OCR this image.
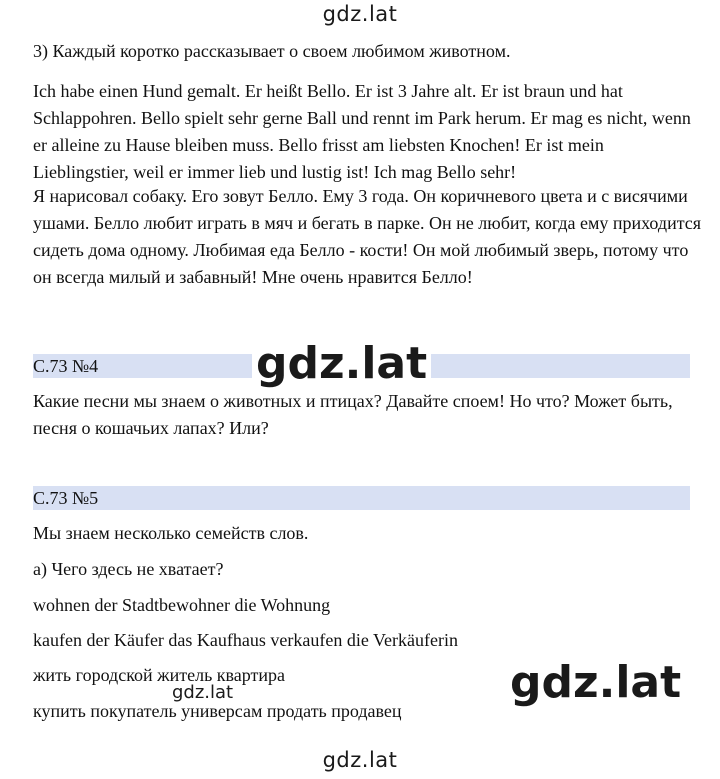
gdz.lat

3) Каждый коротко рассказывает о своем любимом животном.

Ich habe einen Hund gemalt. Er heißt Bello. Er ist 3 Jahre alt. Er ist braun und hat Schlappohren. Bello spielt sehr gerne Ball und rennt im Park herum. Er mag es nicht, wenn er alleine zu Hause bleiben muss. Bello frisst am liebsten Knochen! Er ist mein Lieblingstier, weil er immer lieb und lustig ist! Ich mag Bello sehr!

Я нарисовал собаку. Его зовут Белло. Ему 3 года. Он коричневого цвета и с висячими ушами. Белло любит играть в мяч и бегать в парке. Он не любит, когда ему приходится сидеть дома одному. Любимая еда Белло - кости! Он мой любимый зверь, потому что он всегда милый и забавный! Мне очень нравится Белло!

С.73 №4	gdz.lat

Какие песни мы знаем о животных и птицах? Давайте споем! Но что? Может быть, песня о кошачьих лапах? Или?

С.73 №5

Мы знаем несколько семейств слов.

а) Чего здесь не хватает?

wohnen der Stadtbewohner die Wohnung

kaufen der Käufer das Kaufhaus verkaufen die Verkäuferin

жить городской житель квартира

купить покупатель универсам продать продавец

gdz.lat	gdz.lat
gdz.lat
